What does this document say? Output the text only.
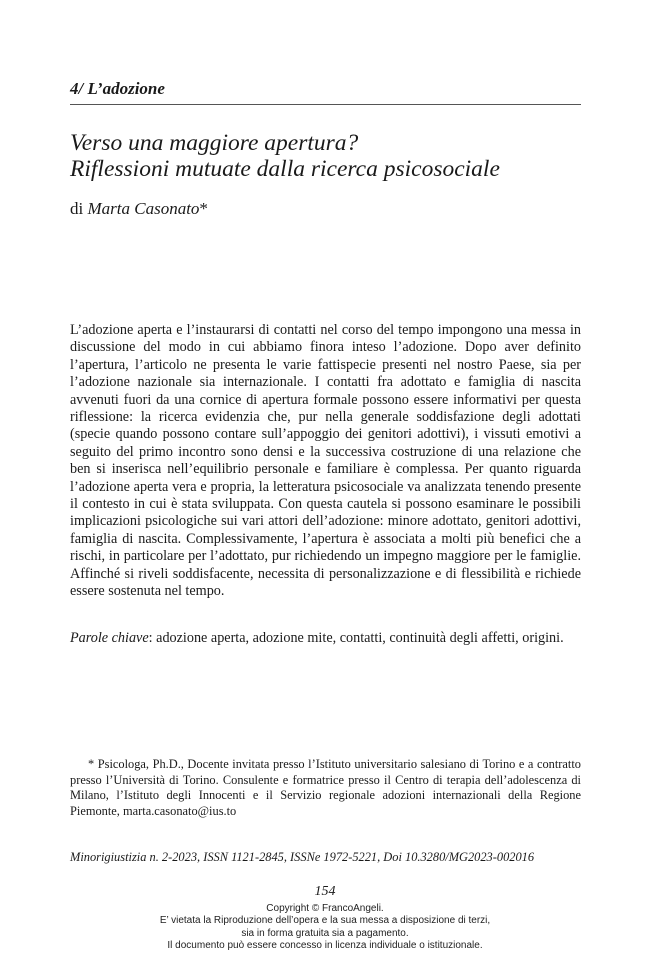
4/ L’adozione
Verso una maggiore apertura?
Riflessioni mutuate dalla ricerca psicosociale
di Marta Casonato*
L’adozione aperta e l’instaurarsi di contatti nel corso del tempo impongono una messa in discussione del modo in cui abbiamo finora inteso l’adozione. Dopo aver definito l’apertura, l’articolo ne presenta le varie fattispecie presenti nel nostro Paese, sia per l’adozione nazionale sia internazionale. I contatti fra adottato e famiglia di nascita avvenuti fuori da una cornice di apertura formale possono essere informativi per questa riflessione: la ricerca evidenzia che, pur nella generale soddisfazione degli adottati (specie quando possono contare sull’appoggio dei genitori adottivi), i vissuti emotivi a seguito del primo incontro sono densi e la successiva costruzione di una relazione che ben si inserisca nell’equilibrio personale e familiare è complessa. Per quanto riguarda l’adozione aperta vera e propria, la letteratura psicosociale va analizzata tenendo presente il contesto in cui è stata sviluppata. Con questa cautela si possono esaminare le possibili implicazioni psicologiche sui vari attori dell’adozione: minore adottato, genitori adottivi, famiglia di nascita. Complessivamente, l’apertura è associata a molti più benefici che a rischi, in particolare per l’adottato, pur richiedendo un impegno maggiore per le famiglie. Affinché si riveli soddisfacente, necessita di personalizzazione e di flessibilità e richiede essere sostenuta nel tempo.
Parole chiave: adozione aperta, adozione mite, contatti, continuità degli affetti, origini.
* Psicologa, Ph.D., Docente invitata presso l’Istituto universitario salesiano di Torino e a contratto presso l’Università di Torino. Consulente e formatrice presso il Centro di terapia dell’adolescenza di Milano, l’Istituto degli Innocenti e il Servizio regionale adozioni internazionali della Regione Piemonte, marta.casonato@ius.to
Minorigiustizia n. 2-2023, ISSN 1121-2845, ISSNe 1972-5221, Doi 10.3280/MG2023-002016
154
Copyright © FrancoAngeli.
E’ vietata la Riproduzione dell’opera e la sua messa a disposizione di terzi,
sia in forma gratuita sia a pagamento.
Il documento può essere concesso in licenza individuale o istituzionale.
